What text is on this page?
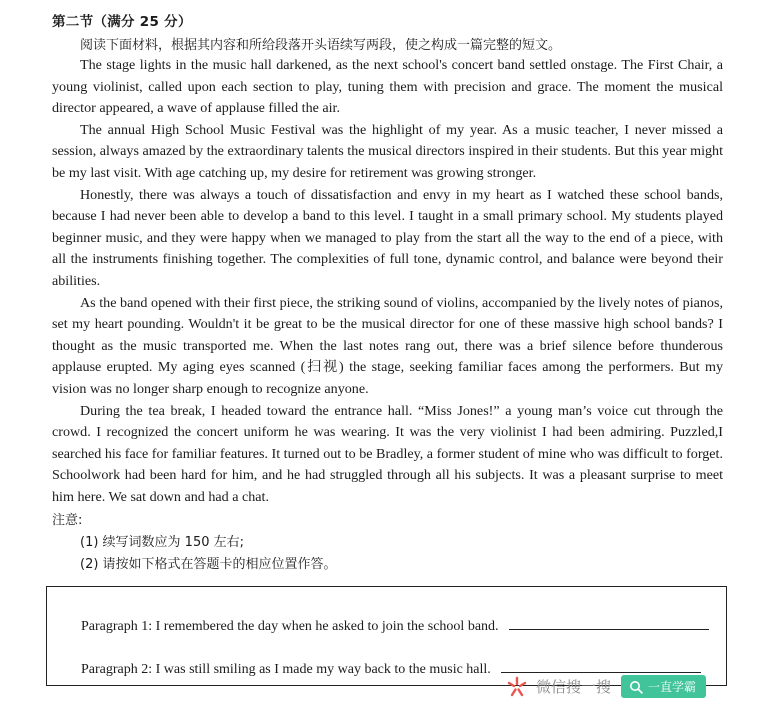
第二节（满分 25 分）
阅读下面材料，根据其内容和所给段落开头语续写两段，使之构成一篇完整的短文。

The stage lights in the music hall darkened, as the next school's concert band settled onstage. The First Chair, a young violinist, called upon each section to play, tuning them with precision and grace. The moment the musical director appeared, a wave of applause filled the air.

The annual High School Music Festival was the highlight of my year. As a music teacher, I never missed a session, always amazed by the extraordinary talents the musical directors inspired in their students. But this year might be my last visit. With age catching up, my desire for retirement was growing stronger.

Honestly, there was always a touch of dissatisfaction and envy in my heart as I watched these school bands, because I had never been able to develop a band to this level. I taught in a small primary school. My students played beginner music, and they were happy when we managed to play from the start all the way to the end of a piece, with all the instruments finishing together. The complexities of full tone, dynamic control, and balance were beyond their abilities.

As the band opened with their first piece, the striking sound of violins, accompanied by the lively notes of pianos, set my heart pounding. Wouldn't it be great to be the musical director for one of these massive high school bands? I thought as the music transported me. When the last notes rang out, there was a brief silence before thunderous applause erupted. My aging eyes scanned (扫视) the stage, seeking familiar faces among the performers. But my vision was no longer sharp enough to recognize anyone.

During the tea break, I headed toward the entrance hall. “Miss Jones!” a young man’s voice cut through the crowd. I recognized the concert uniform he was wearing. It was the very violinist I had been admiring. Puzzled,I searched his face for familiar features. It turned out to be Bradley, a former student of mine who was difficult to forget. Schoolwork had been hard for him, and he had struggled through all his subjects. It was a pleasant surprise to meet him here. We sat down and had a chat.

注意:
(1) 续写词数应为 150 左右;
(2) 请按如下格式在答题卡的相应位置作答。
Paragraph 1: I remembered the day when he asked to join the school band.
Paragraph 2: I was still smiling as I made my way back to the music hall.
微信搜一搜	一直学霸
